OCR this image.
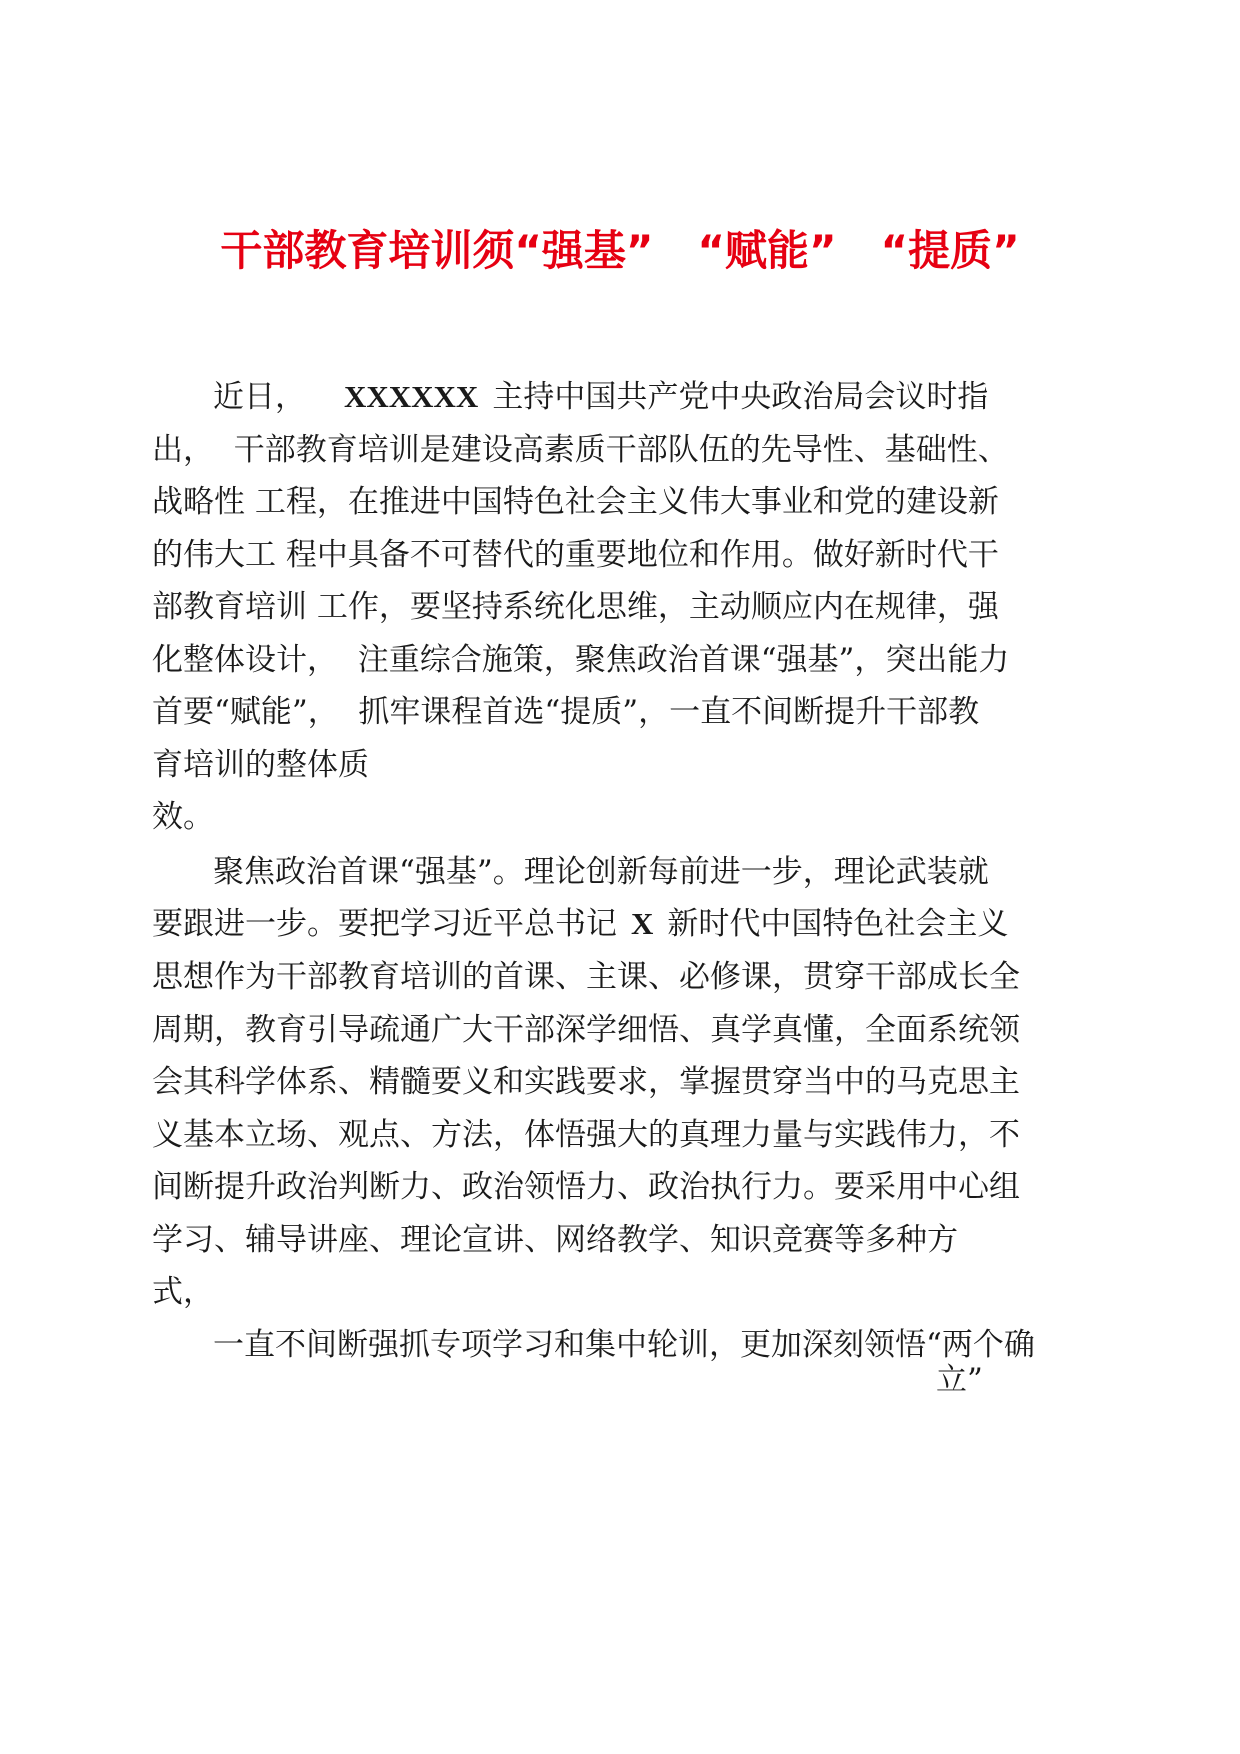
干部教育培训须“强基”   “赋能”   “提质”
近日， XXXXXX 主持中国共产党中央政治局会议时指
出，  干部教育培训是建设高素质干部队伍的先导性、基础性、
战略性 工程，在推进中国特色社会主义伟大事业和党的建设新
的伟大工 程中具备不可替代的重要地位和作用。做好新时代干
部教育培训 工作，要坚持系统化思维，主动顺应内在规律，强
化整体设计，  注重综合施策，聚焦政治首课“强基”，突出能力
首要“赋能”，  抓牢课程首选“提质”，一直不间断提升干部教
育培训的整体质
效。
聚焦政治首课“强基”。理论创新每前进一步，理论武装就
要跟进一步。要把学习近平总书记 X 新时代中国特色社会主义
思想作为干部教育培训的首课、主课、必修课，贯穿干部成长全
周期，教育引导疏通广大干部深学细悟、真学真懂，全面系统领
会其科学体系、精髓要义和实践要求，掌握贯穿当中的马克思主
义基本立场、观点、方法，体悟强大的真理力量与实践伟力，不
间断提升政治判断力、政治领悟力、政治执行力。要采用中心组
学习、辅导讲座、理论宣讲、网络教学、知识竞赛等多种方
式，
一直不间断强抓专项学习和集中轮训，更加深刻领悟“两个确
立”
